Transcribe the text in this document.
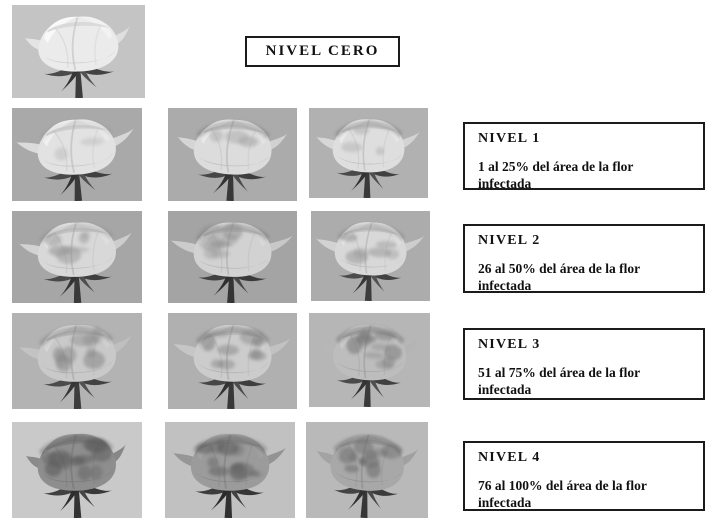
NIVEL CERO
NIVEL 1
1 al 25% del área de la flor infectada
NIVEL 2
26 al 50% del área de la flor infectada
NIVEL 3
51 al 75% del área de la flor infectada
NIVEL 4
76 al 100% del área de la flor infectada
